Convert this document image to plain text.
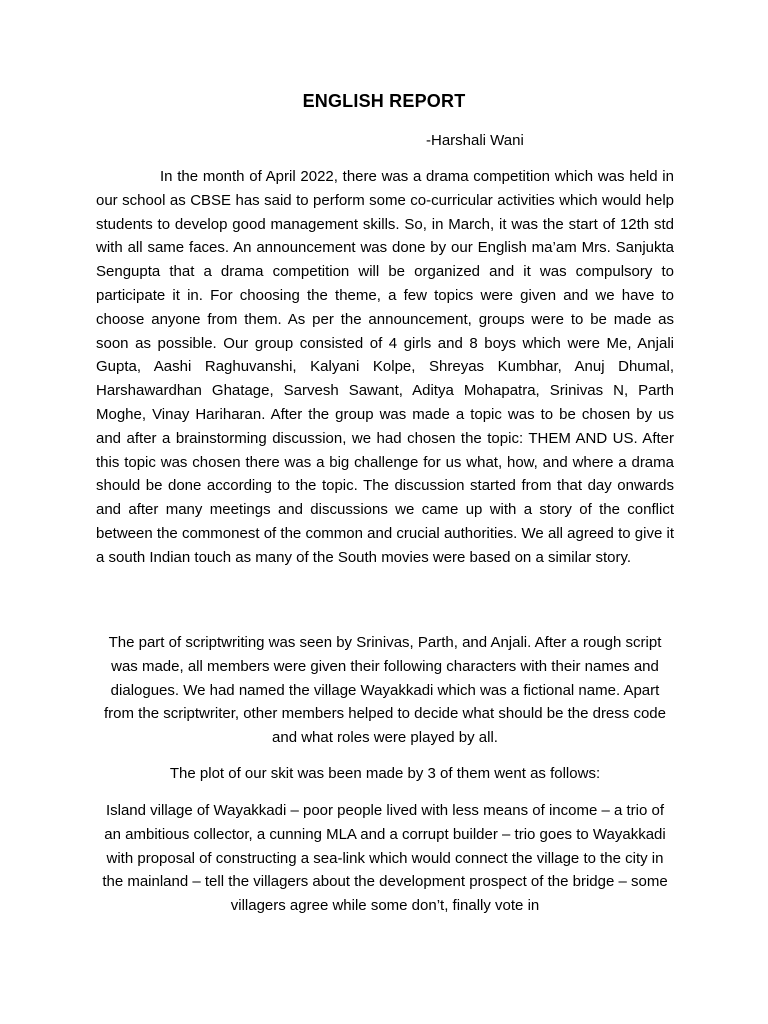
ENGLISH REPORT

-Harshali Wani

In the month of April 2022, there was a drama competition which was held in our school as CBSE has said to perform some co-curricular activities which would help students to develop good management skills. So, in March, it was the start of 12th std with all same faces. An announcement was done by our English ma’am Mrs. Sanjukta Sengupta that a drama competition will be organized and it was compulsory to participate it in. For choosing the theme, a few topics were given and we have to choose anyone from them. As per the announcement, groups were to be made as soon as possible. Our group consisted of 4 girls and 8 boys which were Me, Anjali Gupta, Aashi Raghuvanshi, Kalyani Kolpe, Shreyas Kumbhar, Anuj Dhumal, Harshawardhan Ghatage, Sarvesh Sawant, Aditya Mohapatra, Srinivas N, Parth Moghe, Vinay Hariharan. After the group was made a topic was to be chosen by us and after a brainstorming discussion, we had chosen the topic: THEM AND US. After this topic was chosen there was a big challenge for us what, how, and where a drama should be done according to the topic. The discussion started from that day onwards and after many meetings and discussions we came up with a story of the conflict between the commonest of the common and crucial authorities. We all agreed to give it a south Indian touch as many of the South movies were based on a similar story.

The part of scriptwriting was seen by Srinivas, Parth, and Anjali. After a rough script was made, all members were given their following characters with their names and dialogues. We had named the village Wayakkadi which was a fictional name. Apart from the scriptwriter, other members helped to decide what should be the dress code and what roles were played by all.

The plot of our skit was been made by 3 of them went as follows:

Island village of Wayakkadi – poor people lived with less means of income – a trio of an ambitious collector, a cunning MLA and a corrupt builder – trio goes to Wayakkadi with proposal of constructing a sea-link which would connect the village to the city in the mainland – tell the villagers about the development prospect of the bridge – some villagers agree while some don’t, finally vote in
